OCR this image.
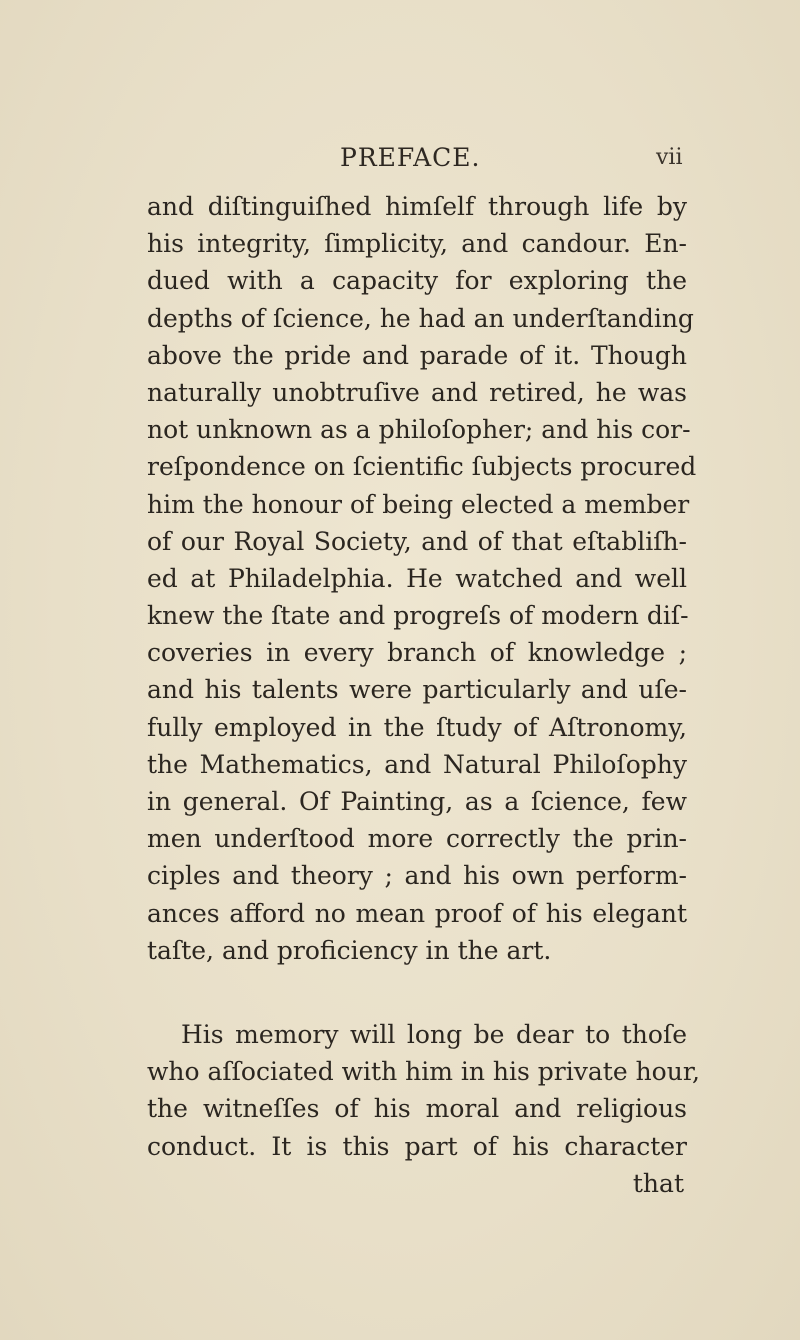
PREFACE.	vii
and diſtinguiſhed himſelf through life by
his integrity, ſimplicity, and candour. En-
dued with a capacity for exploring the
depths of ſcience, he had an underſtanding
above the pride and parade of it. Though
naturally unobtruſive and retired, he was
not unknown as a philoſopher; and his cor-
reſpondence on ſcientific ſubjects procured
him the honour of being elected a member
of our Royal Society, and of that eſtabliſh-
ed at Philadelphia. He watched and well
knew the ſtate and progreſs of modern diſ-
coveries in every branch of knowledge ;
and his talents were particularly and uſe-
fully employed in the ſtudy of Aſtronomy,
the Mathematics, and Natural Philoſophy
in general. Of Painting, as a ſcience, few
men underſtood more correctly the prin-
ciples and theory ; and his own perform-
ances afford no mean proof of his elegant
taſte, and proficiency in the art.
His memory will long be dear to thoſe
who aſſociated with him in his private hour,
the witneſſes of his moral and religious
conduct. It is this part of his character
that
